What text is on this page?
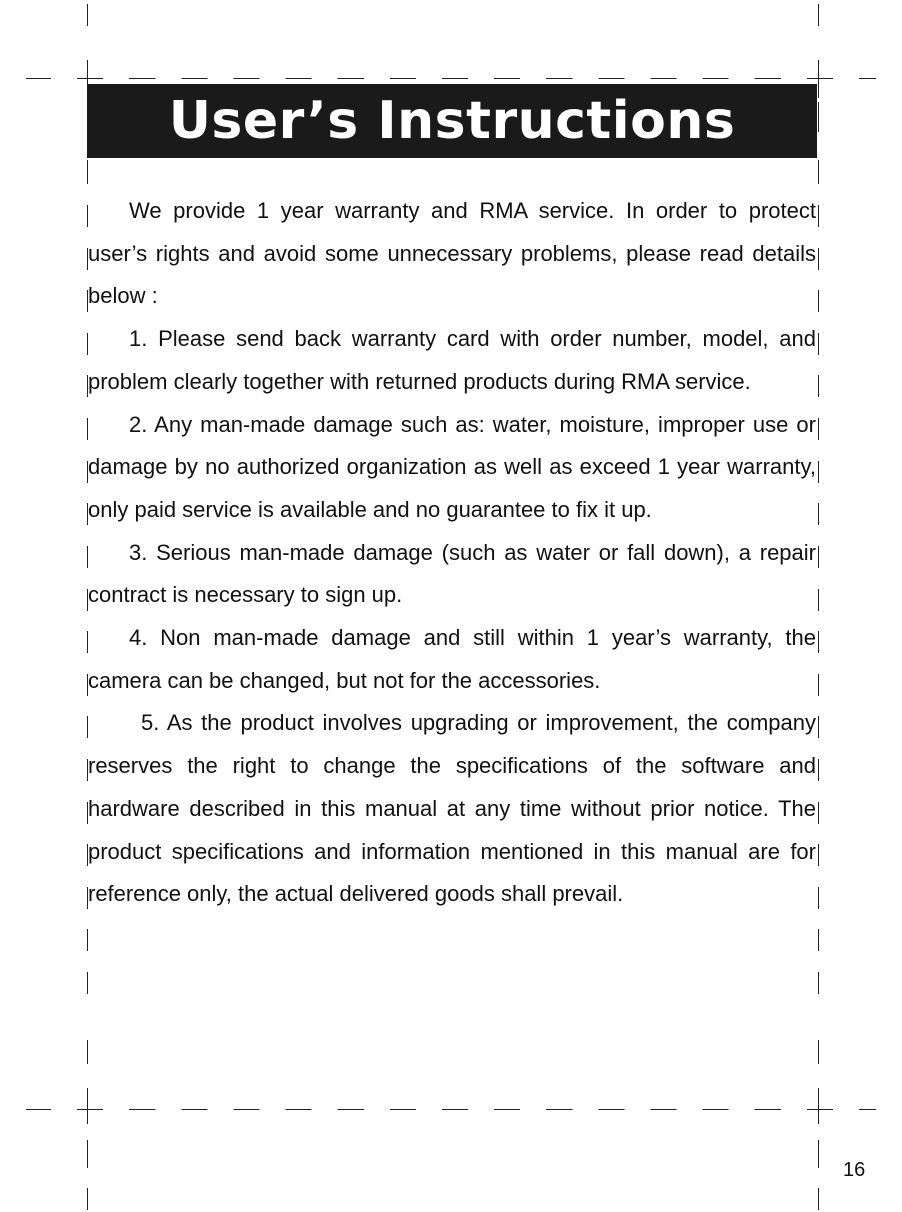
User’s Instructions

We provide 1 year warranty and RMA service. In order to protect user’s rights and avoid some unnecessary problems, please read details below :

1. Please send back warranty card with order number, model, and problem clearly together with returned products during RMA service.

2. Any man-made damage such as: water, moisture, improper use or damage by no authorized organization as well as exceed 1 year warranty, only paid service is available and no guarantee to fix it up.

3. Serious man-made damage (such as water or fall down), a repair contract is necessary to sign up.

4. Non man-made damage and still within 1 year’s warranty, the camera can be changed, but not for the accessories.

5. As the product involves upgrading or improvement, the company reserves the right to change the specifications of the software and hardware described in this manual at any time without prior notice. The product specifications and information mentioned in this manual are for reference only, the actual delivered goods shall prevail.

16
